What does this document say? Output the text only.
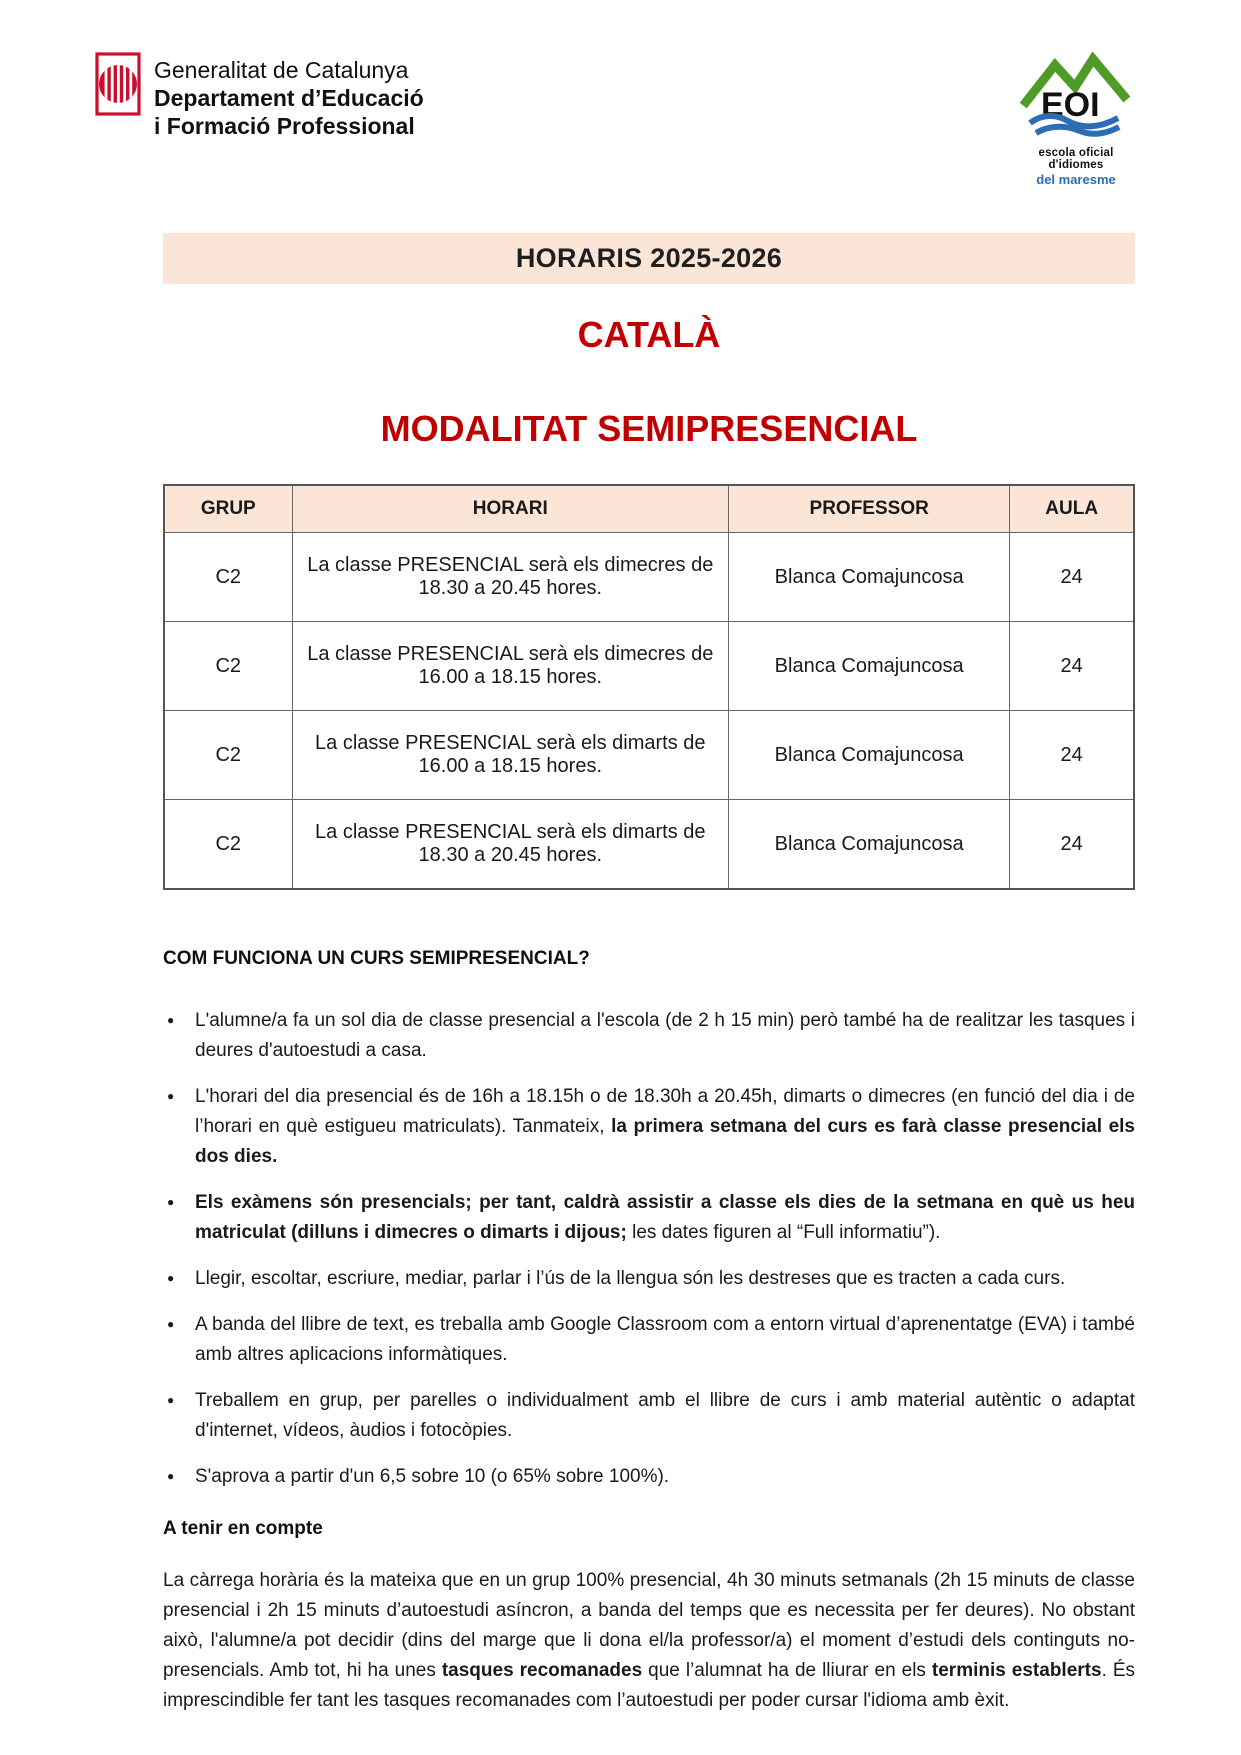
Generalitat de Catalunya
Departament d’Educació
i Formació Professional
EOI
escola oficial d'idiomes
del maresme
HORARIS 2025-2026
CATALÀ
MODALITAT SEMIPRESENCIAL
GRUP	HORARI	PROFESSOR	AULA
C2	La classe PRESENCIAL serà els dimecres de 18.30 a 20.45 hores.	Blanca Comajuncosa	24
C2	La classe PRESENCIAL serà els dimecres de 16.00 a 18.15 hores.	Blanca Comajuncosa	24
C2	La classe PRESENCIAL serà els dimarts de 16.00 a 18.15 hores.	Blanca Comajuncosa	24
C2	La classe PRESENCIAL serà els dimarts de 18.30 a 20.45 hores.	Blanca Comajuncosa	24
COM FUNCIONA UN CURS SEMIPRESENCIAL?
● L'alumne/a fa un sol dia de classe presencial a l'escola (de 2 h 15 min) però també ha de realitzar les tasques i deures d'autoestudi a casa.
● L'horari del dia presencial és de 16h a 18.15h o de 18.30h a 20.45h, dimarts o dimecres (en funció del dia i de l’horari en què estigueu matriculats). Tanmateix, la primera setmana del curs es farà classe presencial els dos dies.
● Els exàmens són presencials; per tant, caldrà assistir a classe els dies de la setmana en què us heu matriculat (dilluns i dimecres o dimarts i dijous; les dates figuren al “Full informatiu”).
● Llegir, escoltar, escriure, mediar, parlar i l’ús de la llengua són les destreses que es tracten a cada curs.
● A banda del llibre de text, es treballa amb Google Classroom com a entorn virtual d’aprenentatge (EVA) i també amb altres aplicacions informàtiques.
● Treballem en grup, per parelles o individualment amb el llibre de curs i amb material autèntic o adaptat d'internet, vídeos, àudios i fotocòpies.
● S'aprova a partir d'un 6,5 sobre 10 (o 65% sobre 100%).
A tenir en compte

La càrrega horària és la mateixa que en un grup 100% presencial, 4h 30 minuts setmanals (2h 15 minuts de classe presencial i 2h 15 minuts d’autoestudi asíncron, a banda del temps que es necessita per fer deures). No obstant això, l'alumne/a pot decidir (dins del marge que li dona el/la professor/a) el moment d’estudi dels continguts no-presencials. Amb tot, hi ha unes tasques recomanades que l’alumnat ha de lliurar en els terminis establerts. És imprescindible fer tant les tasques recomanades com l’autoestudi per poder cursar l'idioma amb èxit.
